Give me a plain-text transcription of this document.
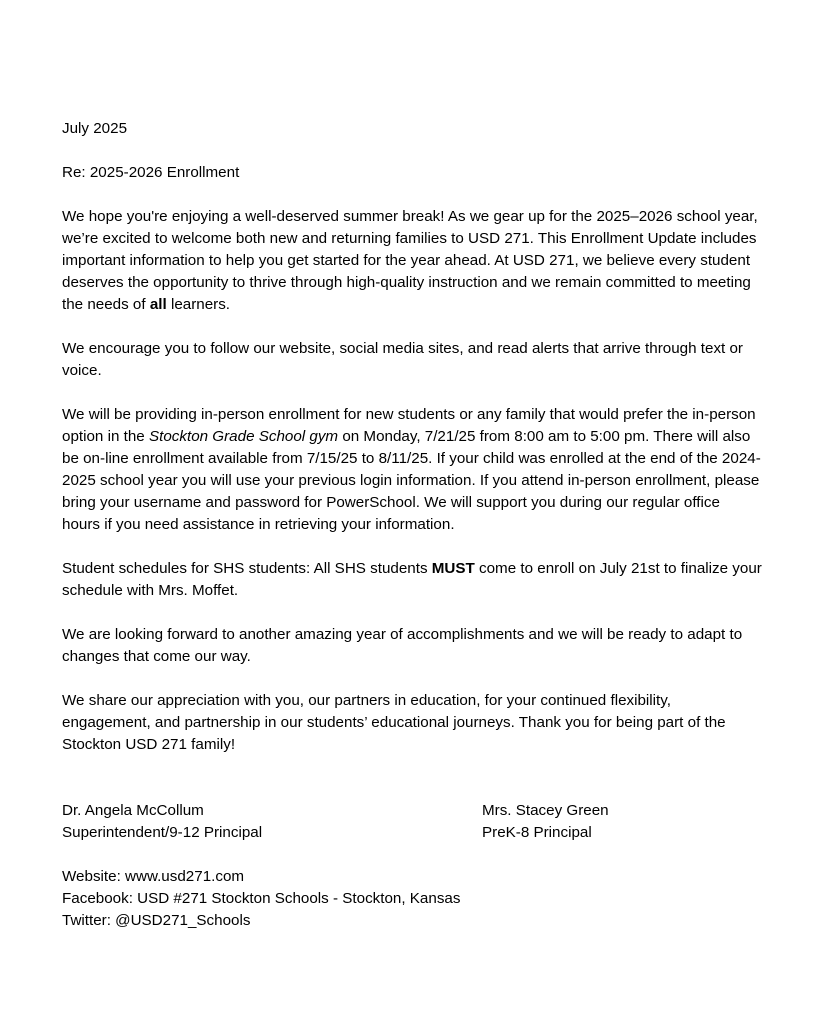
July 2025

Re: 2025-2026 Enrollment

We hope you're enjoying a well-deserved summer break! As we gear up for the 2025–2026 school year, we’re excited to welcome both new and returning families to USD 271. This Enrollment Update includes important information to help you get started for the year ahead. At USD 271, we believe every student deserves the opportunity to thrive through high-quality instruction and we remain committed to meeting the needs of all learners.

We encourage you to follow our website, social media sites, and read alerts that arrive through text or voice.

We will be providing in-person enrollment for new students or any family that would prefer the in-person option in the Stockton Grade School gym on Monday, 7/21/25 from 8:00 am to 5:00 pm. There will also be on-line enrollment available from 7/15/25 to 8/11/25. If your child was enrolled at the end of the 2024-2025 school year you will use your previous login information. If you attend in-person enrollment, please bring your username and password for PowerSchool. We will support you during our regular office hours if you need assistance in retrieving your information.

Student schedules for SHS students: All SHS students MUST come to enroll on July 21st to finalize your schedule with Mrs. Moffet.

We are looking forward to another amazing year of accomplishments and we will be ready to adapt to changes that come our way.

We share our appreciation with you, our partners in education, for your continued flexibility, engagement, and partnership in our students’ educational journeys. Thank you for being part of the Stockton USD 271 family!

Dr. Angela McCollum
Superintendent/9-12 Principal
Mrs. Stacey Green
PreK-8 Principal
Website: www.usd271.com
Facebook: USD #271 Stockton Schools - Stockton, Kansas
Twitter: @USD271_Schools
